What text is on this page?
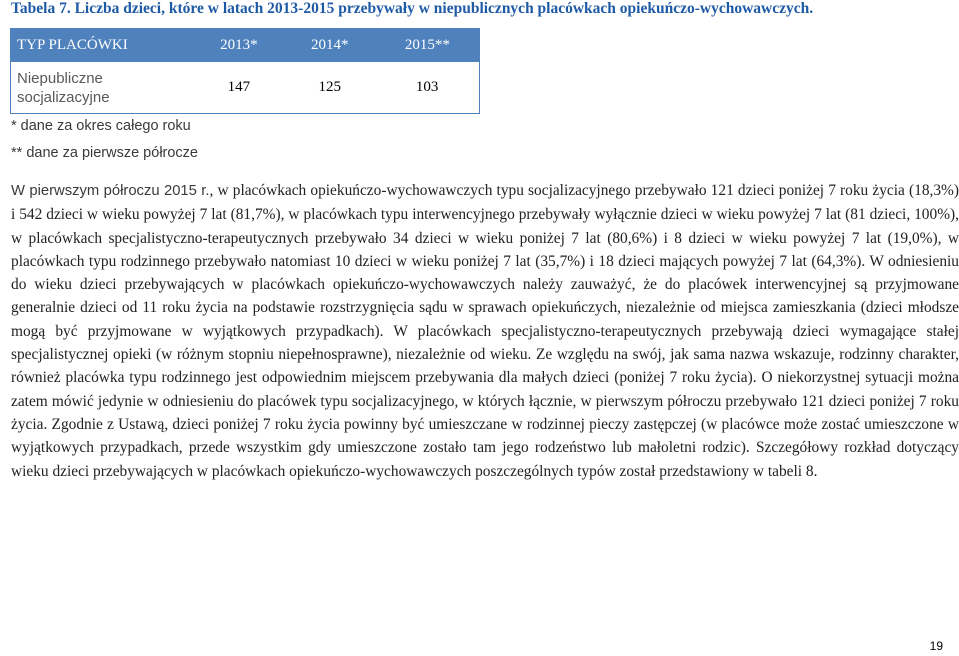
Tabela 7. Liczba dzieci, które w latach 2013-2015 przebywały w niepublicznych placówkach opiekuńczo-wychowawczych.
TYP PLACÓWKI	2013*	2014*	2015**

Niepubliczne
socjalizacyjne	147	125	103
* dane za okres całego roku
** dane za pierwsze półrocze

W pierwszym półroczu 2015 r., w placówkach opiekuńczo-wychowawczych typu socjalizacyjnego przebywało 121 dzieci poniżej 7 roku życia (18,3%) i 542 dzieci w wieku powyżej 7 lat (81,7%), w placówkach typu interwencyjnego przebywały wyłącznie dzieci w wieku powyżej 7 lat (81 dzieci, 100%), w placówkach specjalistyczno-terapeutycznych przebywało 34 dzieci w wieku poniżej 7 lat (80,6%) i 8 dzieci w wieku powyżej 7 lat (19,0%), w placówkach typu rodzinnego przebywało natomiast 10 dzieci w wieku poniżej 7 lat (35,7%) i 18 dzieci mających powyżej 7 lat (64,3%). W odniesieniu do wieku dzieci przebywających w placówkach opiekuńczo-wychowawczych należy zauważyć, że do placówek interwencyjnej są przyjmowane generalnie dzieci od 11 roku życia na podstawie rozstrzygnięcia sądu w sprawach opiekuńczych, niezależnie od miejsca zamieszkania (dzieci młodsze mogą być przyjmowane w wyjątkowych przypadkach). W placówkach specjalistyczno-terapeutycznych przebywają dzieci wymagające stałej specjalistycznej opieki (w różnym stopniu niepełnosprawne), niezależnie od wieku. Ze względu na swój, jak sama nazwa wskazuje, rodzinny charakter, również placówka typu rodzinnego jest odpowiednim miejscem przebywania dla małych dzieci (poniżej 7 roku życia). O niekorzystnej sytuacji można zatem mówić jedynie w odniesieniu do placówek typu socjalizacyjnego, w których łącznie, w pierwszym półroczu przebywało 121 dzieci poniżej 7 roku życia. Zgodnie z Ustawą, dzieci poniżej 7 roku życia powinny być umieszczane w rodzinnej pieczy zastępczej (w placówce może zostać umieszczone w wyjątkowych przypadkach, przede wszystkim gdy umieszczone zostało tam jego rodzeństwo lub małoletni rodzic). Szczegółowy rozkład dotyczący wieku dzieci przebywających w placówkach opiekuńczo-wychowawczych poszczególnych typów został przedstawiony w tabeli 8.

19
